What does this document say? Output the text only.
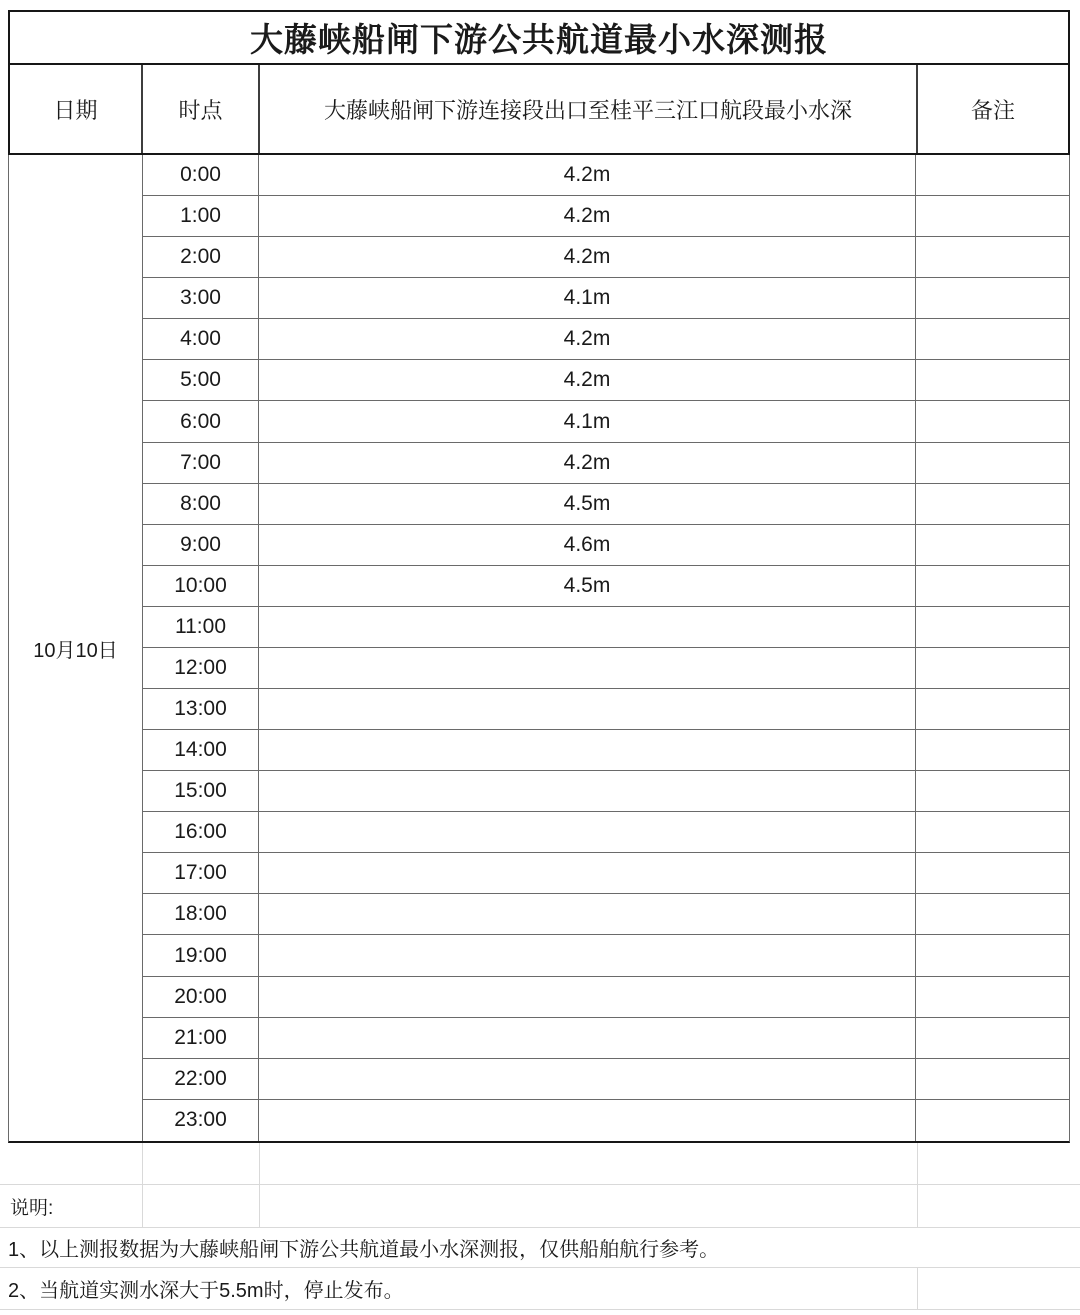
大藤峡船闸下游公共航道最小水深测报
日期	时点	大藤峡船闸下游连接段出口至桂平三江口航段最小水深	备注
10月10日
0:00	4.2m
1:00	4.2m
2:00	4.2m
3:00	4.1m
4:00	4.2m
5:00	4.2m
6:00	4.1m
7:00	4.2m
8:00	4.5m
9:00	4.6m
10:00	4.5m
11:00
12:00
13:00
14:00
15:00
16:00
17:00
18:00
19:00
20:00
21:00
22:00
23:00
说明:
1、以上测报数据为大藤峡船闸下游公共航道最小水深测报，仅供船舶航行参考。
2、当航道实测水深大于5.5m时，停止发布。
